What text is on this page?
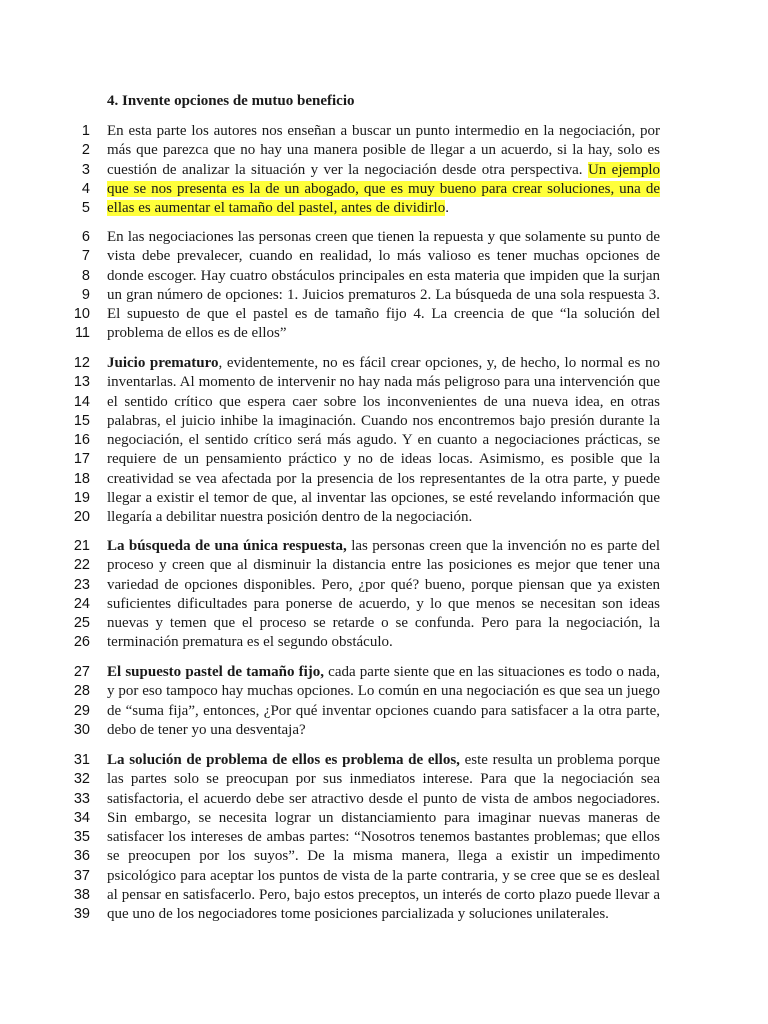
4. Invente opciones de mutuo beneficio
1 En esta parte los autores nos enseñan a buscar un punto intermedio en la negociación, por
2 más que parezca que no hay una manera posible de llegar a un acuerdo, si la hay, solo es
3 cuestión de analizar la situación y ver la negociación desde otra perspectiva. Un ejemplo
4 que se nos presenta es la de un abogado, que es muy bueno para crear soluciones, una de
5 ellas es aumentar el tamaño del pastel, antes de dividirlo.
6 En las negociaciones las personas creen que tienen la repuesta y que solamente su punto de
7 vista debe prevalecer, cuando en realidad, lo más valioso es tener muchas opciones de
8 donde escoger. Hay cuatro obstáculos principales en esta materia que impiden que la surjan
9 un gran número de opciones: 1. Juicios prematuros 2. La búsqueda de una sola respuesta 3.
10 El supuesto de que el pastel es de tamaño fijo 4. La creencia de que “la solución del
11 problema de ellos es de ellos”
12 Juicio prematuro, evidentemente, no es fácil crear opciones, y, de hecho, lo normal es no
13 inventarlas. Al momento de intervenir no hay nada más peligroso para una intervención que
14 el sentido crítico que espera caer sobre los inconvenientes de una nueva idea, en otras
15 palabras, el juicio inhibe la imaginación. Cuando nos encontremos bajo presión durante la
16 negociación, el sentido crítico será más agudo. Y en cuanto a negociaciones prácticas, se
17 requiere de un pensamiento práctico y no de ideas locas. Asimismo, es posible que la
18 creatividad se vea afectada por la presencia de los representantes de la otra parte, y puede
19 llegar a existir el temor de que, al inventar las opciones, se esté revelando información que
20 llegaría a debilitar nuestra posición dentro de la negociación.
21 La búsqueda de una única respuesta, las personas creen que la invención no es parte del
22 proceso y creen que al disminuir la distancia entre las posiciones es mejor que tener una
23 variedad de opciones disponibles. Pero, ¿por qué? bueno, porque piensan que ya existen
24 suficientes dificultades para ponerse de acuerdo, y lo que menos se necesitan son ideas
25 nuevas y temen que el proceso se retarde o se confunda. Pero para la negociación, la
26 terminación prematura es el segundo obstáculo.
27 El supuesto pastel de tamaño fijo, cada parte siente que en las situaciones es todo o nada,
28 y por eso tampoco hay muchas opciones. Lo común en una negociación es que sea un juego
29 de “suma fija”, entonces, ¿Por qué inventar opciones cuando para satisfacer a la otra parte,
30 debo de tener yo una desventaja?
31 La solución de problema de ellos es problema de ellos, este resulta un problema porque
32 las partes solo se preocupan por sus inmediatos interese. Para que la negociación sea
33 satisfactoria, el acuerdo debe ser atractivo desde el punto de vista de ambos negociadores.
34 Sin embargo, se necesita lograr un distanciamiento para imaginar nuevas maneras de
35 satisfacer los intereses de ambas partes: “Nosotros tenemos bastantes problemas; que ellos
36 se preocupen por los suyos”. De la misma manera, llega a existir un impedimento
37 psicológico para aceptar los puntos de vista de la parte contraria, y se cree que se es desleal
38 al pensar en satisfacerlo. Pero, bajo estos preceptos, un interés de corto plazo puede llevar a
39 que uno de los negociadores tome posiciones parcializada y soluciones unilaterales.
